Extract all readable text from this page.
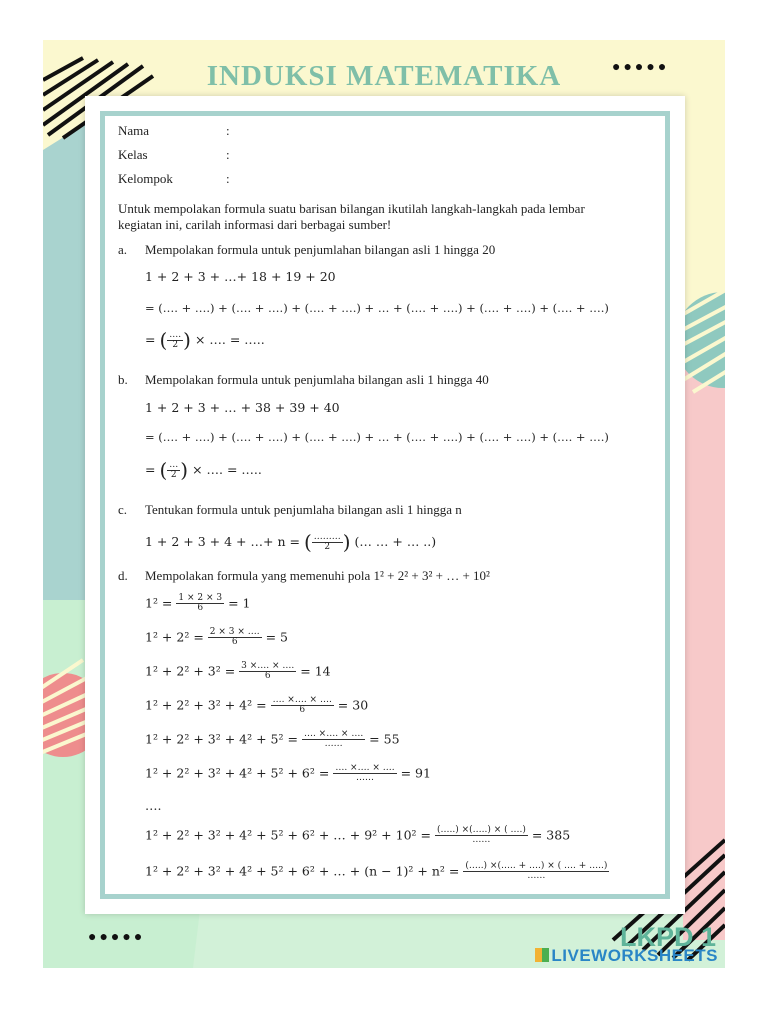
●●●●●
●●●●●
INDUKSI MATEMATIKA
Nama	:
Kelas	:
Kelompok	:
Untuk mempolakan formula suatu barisan bilangan ikutilah langkah-langkah pada lembar
kegiatan ini, carilah informasi dari berbagai sumber!
a. Mempolakan formula untuk penjumlahan bilangan asli 1 hingga 20
1 + 2 + 3 + …+ 18 + 19 + 20
= (…. + ….) + (…. + ….) + (…. + ….) + … + (…. + ….) + (…. + ….) + (…. + ….)
= ( $\frac{\dots.}{2}$ ) × …. = …..
b. Mempolakan formula untuk penjumlaha bilangan asli 1 hingga 40
1 + 2 + 3 + … + 38 + 39 + 40
= (…. + ….) + (…. + ….) + (…. + ….) + … + (…. + ….) + (…. + ….) + (…. + ….)
= ( $\frac{\dots}{2}$ ) × …. = …..
c. Tentukan formula untuk penjumlaha bilangan asli 1 hingga n
1 + 2 + 3 + 4 + …+ n = ( $\frac{\dots\dots\dots}{2}$ ) (… … + … ..)
d. Mempolakan formula yang memenuhi pola 1² + 2² + 3² + … + 10²
$1^2 = \frac{1 \times 2 \times 3}{6} = 1$
$1^2 + 2^2 = \frac{2 \times 3 \times \dots.}{6} = 5$
$1^2 + 2^2 + 3^2 = \frac{3 \times\dots. \times \dots.}{6} = 14$
$1^2 + 2^2 + 3^2 + 4^2 = \frac{\dots. \times\dots. \times \dots.}{6} = 30$
$1^2 + 2^2 + 3^2 + 4^2 + 5^2 = \frac{\dots. \times\dots. \times \dots.}{\dots\dots} = 55$
$1^2 + 2^2 + 3^2 + 4^2 + 5^2 + 6^2 = \frac{\dots. \times\dots. \times \dots.}{\dots\dots} = 91$
….
1² + 2² + 3² + 4² + 5² + 6² + … + $9^2 + 10^2 = \frac{(\dots..) \times(\dots..) \times ( \dots.)}{\dots\dots} = 385$
1² + 2² + 3² + 4² + 5² + 6² + … + $(n - 1)^2 + n^2 = \frac{(\dots..) \times(\dots.. + \dots.) \times ( \dots. + \dots..)}{\dots\dots}$
LKPD 1
LIVEWORKSHEETS
